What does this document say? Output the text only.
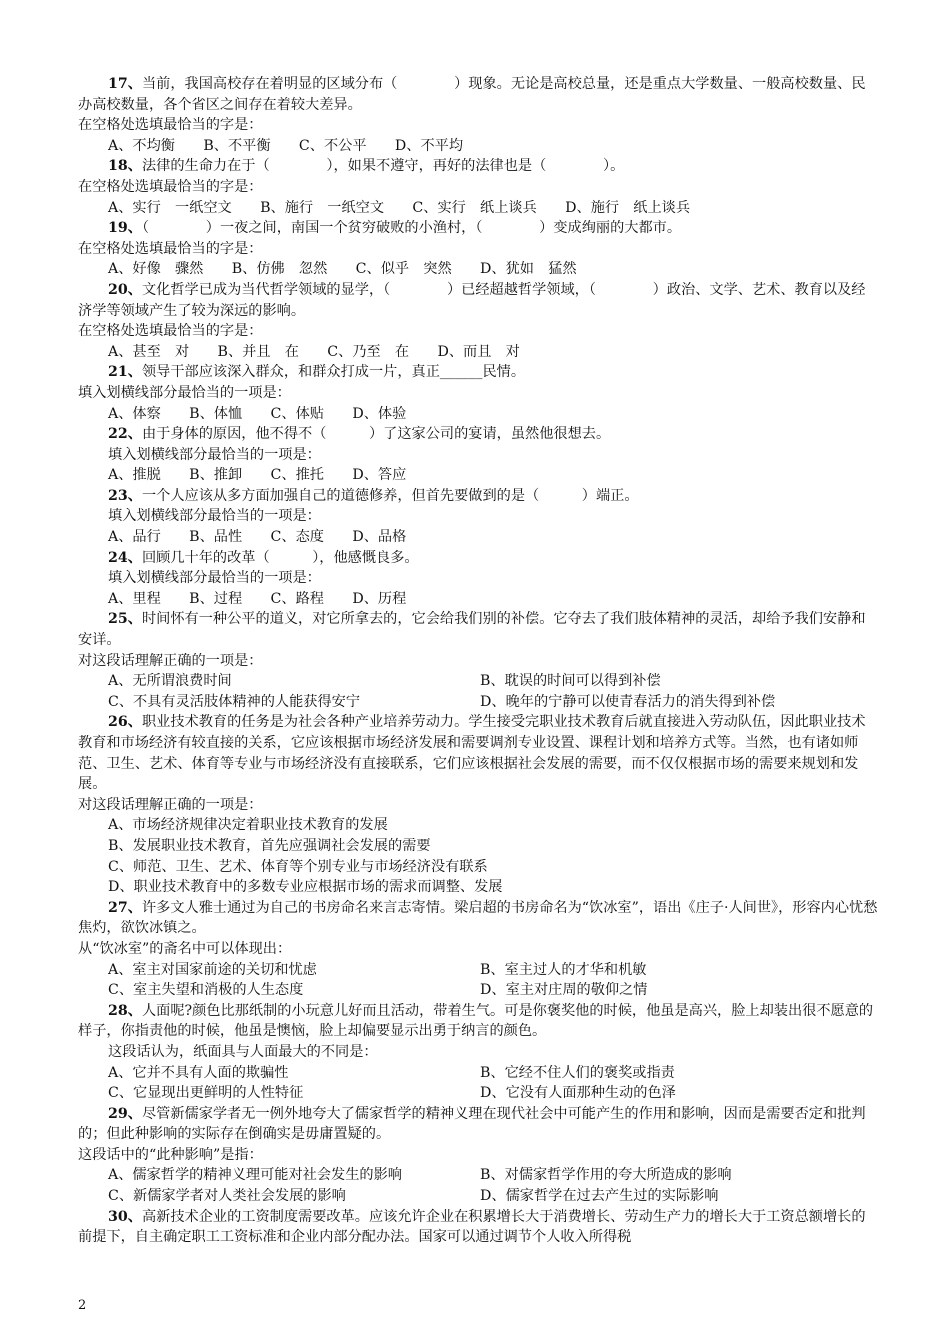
17、当前，我国高校存在着明显的区域分布（　　　　）现象。无论是高校总量，还是重点大学数量、一般高校数量、民办高校数量，各个省区之间存在着较大差异。
在空格处选填最恰当的字是：
A、不均衡　　B、不平衡　　C、不公平　　D、不平均
18、法律的生命力在于（　　　　），如果不遵守，再好的法律也是（　　　　）。
在空格处选填最恰当的字是：
A、实行　一纸空文　　B、施行　一纸空文　　C、实行　纸上谈兵　　D、施行　纸上谈兵
19、（　　　　）一夜之间，南国一个贫穷破败的小渔村，（　　　　）变成绚丽的大都市。
在空格处选填最恰当的字是：
A、好像　骤然　　B、仿佛　忽然　　C、似乎　突然　　D、犹如　猛然
20、文化哲学已成为当代哲学领域的显学，（　　　　）已经超越哲学领域，（　　　　）政治、文学、艺术、教育以及经济学等领域产生了较为深远的影响。
在空格处选填最恰当的字是：
A、甚至　对　　B、并且　在　　C、乃至　在　　D、而且　对
21、领导干部应该深入群众，和群众打成一片，真正______民情。
填入划横线部分最恰当的一项是：
A、体察　　B、体恤　　C、体贴　　D、体验
22、由于身体的原因，他不得不（　　　）了这家公司的宴请，虽然他很想去。
填入划横线部分最恰当的一项是：
A、推脱　　B、推卸　　C、推托　　D、答应
23、一个人应该从多方面加强自己的道德修养，但首先要做到的是（　　　）端正。
填入划横线部分最恰当的一项是：
A、品行　　B、品性　　C、态度　　D、品格
24、回顾几十年的改革（　　　），他感慨良多。
填入划横线部分最恰当的一项是：
A、里程　　B、过程　　C、路程　　D、历程
25、时间怀有一种公平的道义，对它所拿去的，它会给我们别的补偿。它夺去了我们肢体精神的灵活，却给予我们安静和安详。
对这段话理解正确的一项是：
A、无所谓浪费时间	B、耽误的时间可以得到补偿
C、不具有灵活肢体精神的人能获得安宁	D、晚年的宁静可以使青春活力的消失得到补偿
26、职业技术教育的任务是为社会各种产业培养劳动力。学生接受完职业技术教育后就直接进入劳动队伍，因此职业技术教育和市场经济有较直接的关系，它应该根据市场经济发展和需要调剂专业设置、课程计划和培养方式等。当然，也有诸如师范、卫生、艺术、体育等专业与市场经济没有直接联系，它们应该根据社会发展的需要，而不仅仅根据市场的需要来规划和发展。
对这段话理解正确的一项是：
A、市场经济规律决定着职业技术教育的发展
B、发展职业技术教育，首先应强调社会发展的需要
C、师范、卫生、艺术、体育等个别专业与市场经济没有联系
D、职业技术教育中的多数专业应根据市场的需求而调整、发展
27、许多文人雅士通过为自己的书房命名来言志寄情。梁启超的书房命名为“饮冰室”，语出《庄子·人间世》，形容内心忧愁焦灼，欲饮冰镇之。
从“饮冰室”的斋名中可以体现出：
A、室主对国家前途的关切和忧虑	B、室主过人的才华和机敏
C、室主失望和消极的人生态度	D、室主对庄周的敬仰之情
28、人面呢?颜色比那纸制的小玩意儿好而且活动，带着生气。可是你褒奖他的时候，他虽是高兴，脸上却装出很不愿意的样子，你指责他的时候，他虽是懊恼，脸上却偏要显示出勇于纳言的颜色。
这段话认为，纸面具与人面最大的不同是：
A、它并不具有人面的欺骗性	B、它经不住人们的褒奖或指责
C、它显现出更鲜明的人性特征	D、它没有人面那种生动的色泽
29、尽管新儒家学者无一例外地夸大了儒家哲学的精神义理在现代社会中可能产生的作用和影响，因而是需要否定和批判的；但此种影响的实际存在倒确实是毋庸置疑的。
这段话中的“此种影响”是指：
A、儒家哲学的精神义理可能对社会发生的影响	B、对儒家哲学作用的夸大所造成的影响
C、新儒家学者对人类社会发展的影响	D、儒家哲学在过去产生过的实际影响
30、高新技术企业的工资制度需要改革。应该允许企业在积累增长大于消费增长、劳动生产力的增长大于工资总额增长的前提下，自主确定职工工资标准和企业内部分配办法。国家可以通过调节个人收入所得税
2
